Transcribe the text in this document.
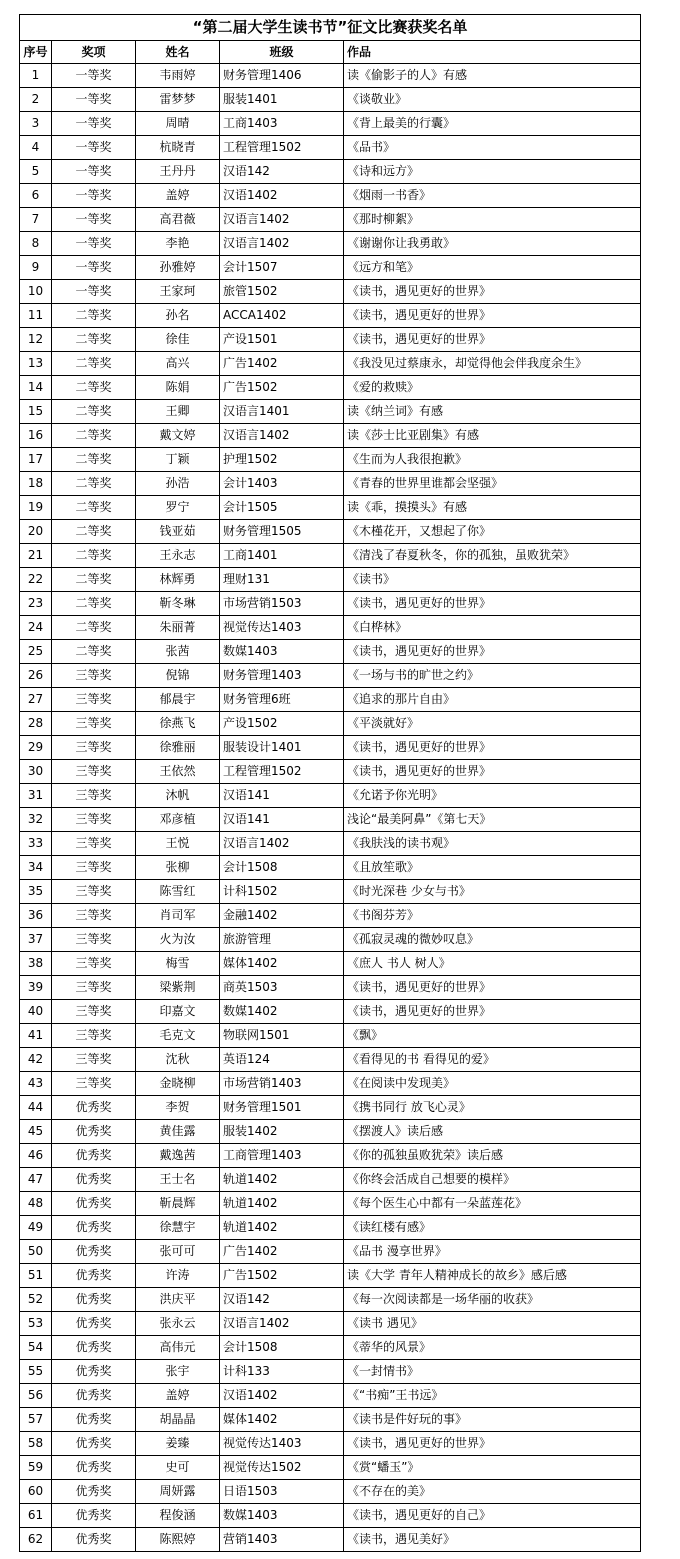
“第二届大学生读书节”征文比赛获奖名单				
序号	奖项	姓名	班级	作品
1	一等奖	韦雨婷	财务管理1406	读《偷影子的人》有感
2	一等奖	雷梦梦	服装1401	《谈敬业》
3	一等奖	周晴	工商1403	《背上最美的行囊》
4	一等奖	杭晓青	工程管理1502	《品书》
5	一等奖	王丹丹	汉语142	《诗和远方》
6	一等奖	盖婷	汉语1402	《烟雨一书香》
7	一等奖	高君薇	汉语言1402	《那时柳絮》
8	一等奖	李艳	汉语言1402	《谢谢你让我勇敢》
9	一等奖	孙雅婷	会计1507	《远方和笔》
10	一等奖	王家珂	旅管1502	《读书，遇见更好的世界》
11	二等奖	孙名	ACCA1402	《读书，遇见更好的世界》
12	二等奖	徐佳	产设1501	《读书，遇见更好的世界》
13	二等奖	高兴	广告1402	《我没见过蔡康永，却觉得他会伴我度余生》
14	二等奖	陈娟	广告1502	《爱的救赎》
15	二等奖	王卿	汉语言1401	读《纳兰词》有感
16	二等奖	戴文婷	汉语言1402	读《莎士比亚剧集》有感
17	二等奖	丁颖	护理1502	《生而为人我很抱歉》
18	二等奖	孙浩	会计1403	《青春的世界里谁都会坚强》
19	二等奖	罗宁	会计1505	读《乖，摸摸头》有感
20	二等奖	钱亚茹	财务管理1505	《木槿花开，又想起了你》
21	二等奖	王永志	工商1401	《清浅了春夏秋冬，你的孤独，虽败犹荣》
22	二等奖	林辉勇	理财131	《读书》
23	二等奖	靳冬琳	市场营销1503	《读书，遇见更好的世界》
24	二等奖	朱丽菁	视觉传达1403	《白桦林》
25	二等奖	张茜	数媒1403	《读书，遇见更好的世界》
26	三等奖	倪锦	财务管理1403	《一场与书的旷世之约》
27	三等奖	郁晨宇	财务管理6班	《追求的那片自由》
28	三等奖	徐燕飞	产设1502	《平淡就好》
29	三等奖	徐雅丽	服装设计1401	《读书，遇见更好的世界》
30	三等奖	王依然	工程管理1502	《读书，遇见更好的世界》
31	三等奖	沐帆	汉语141	《允诺予你光明》
32	三等奖	邓彦植	汉语141	浅论“最美阿鼻”《第七天》
33	三等奖	王悦	汉语言1402	《我肤浅的读书观》
34	三等奖	张柳	会计1508	《且放笙歌》
35	三等奖	陈雪红	计科1502	《时光深巷 少女与书》
36	三等奖	肖司军	金融1402	《书阁芬芳》
37	三等奖	火为汝	旅游管理	《孤寂灵魂的微妙叹息》
38	三等奖	梅雪	媒体1402	《庶人 书人 树人》
39	三等奖	梁紫荆	商英1503	《读书，遇见更好的世界》
40	三等奖	印嘉文	数媒1402	《读书，遇见更好的世界》
41	三等奖	毛克文	物联网1501	《飘》
42	三等奖	沈秋	英语124	《看得见的书 看得见的爱》
43	三等奖	金晓柳	市场营销1403	《在阅读中发现美》
44	优秀奖	李贺	财务管理1501	《携书同行 放飞心灵》
45	优秀奖	黄佳露	服装1402	《摆渡人》读后感
46	优秀奖	戴逸茜	工商管理1403	《你的孤独虽败犹荣》读后感
47	优秀奖	王士名	轨道1402	《你终会活成自己想要的模样》
48	优秀奖	靳晨辉	轨道1402	《每个医生心中都有一朵蓝莲花》
49	优秀奖	徐慧宇	轨道1402	《读红楼有感》
50	优秀奖	张可可	广告1402	《品书 漫享世界》
51	优秀奖	许涛	广告1502	读《大学 青年人精神成长的故乡》感后感
52	优秀奖	洪庆平	汉语142	《每一次阅读都是一场华丽的收获》
53	优秀奖	张永云	汉语言1402	《读书 遇见》
54	优秀奖	高伟元	会计1508	《蒂华的风景》
55	优秀奖	张宇	计科133	《一封情书》
56	优秀奖	盖婷	汉语1402	《“书痴”王书远》
57	优秀奖	胡晶晶	媒体1402	《读书是件好玩的事》
58	优秀奖	姜臻	视觉传达1403	《读书，遇见更好的世界》
59	优秀奖	史可	视觉传达1502	《赏“蟠玉”》
60	优秀奖	周妍露	日语1503	《不存在的美》
61	优秀奖	程俊涵	数媒1403	《读书，遇见更好的自己》
62	优秀奖	陈熙婷	营销1403	《读书，遇见美好》
